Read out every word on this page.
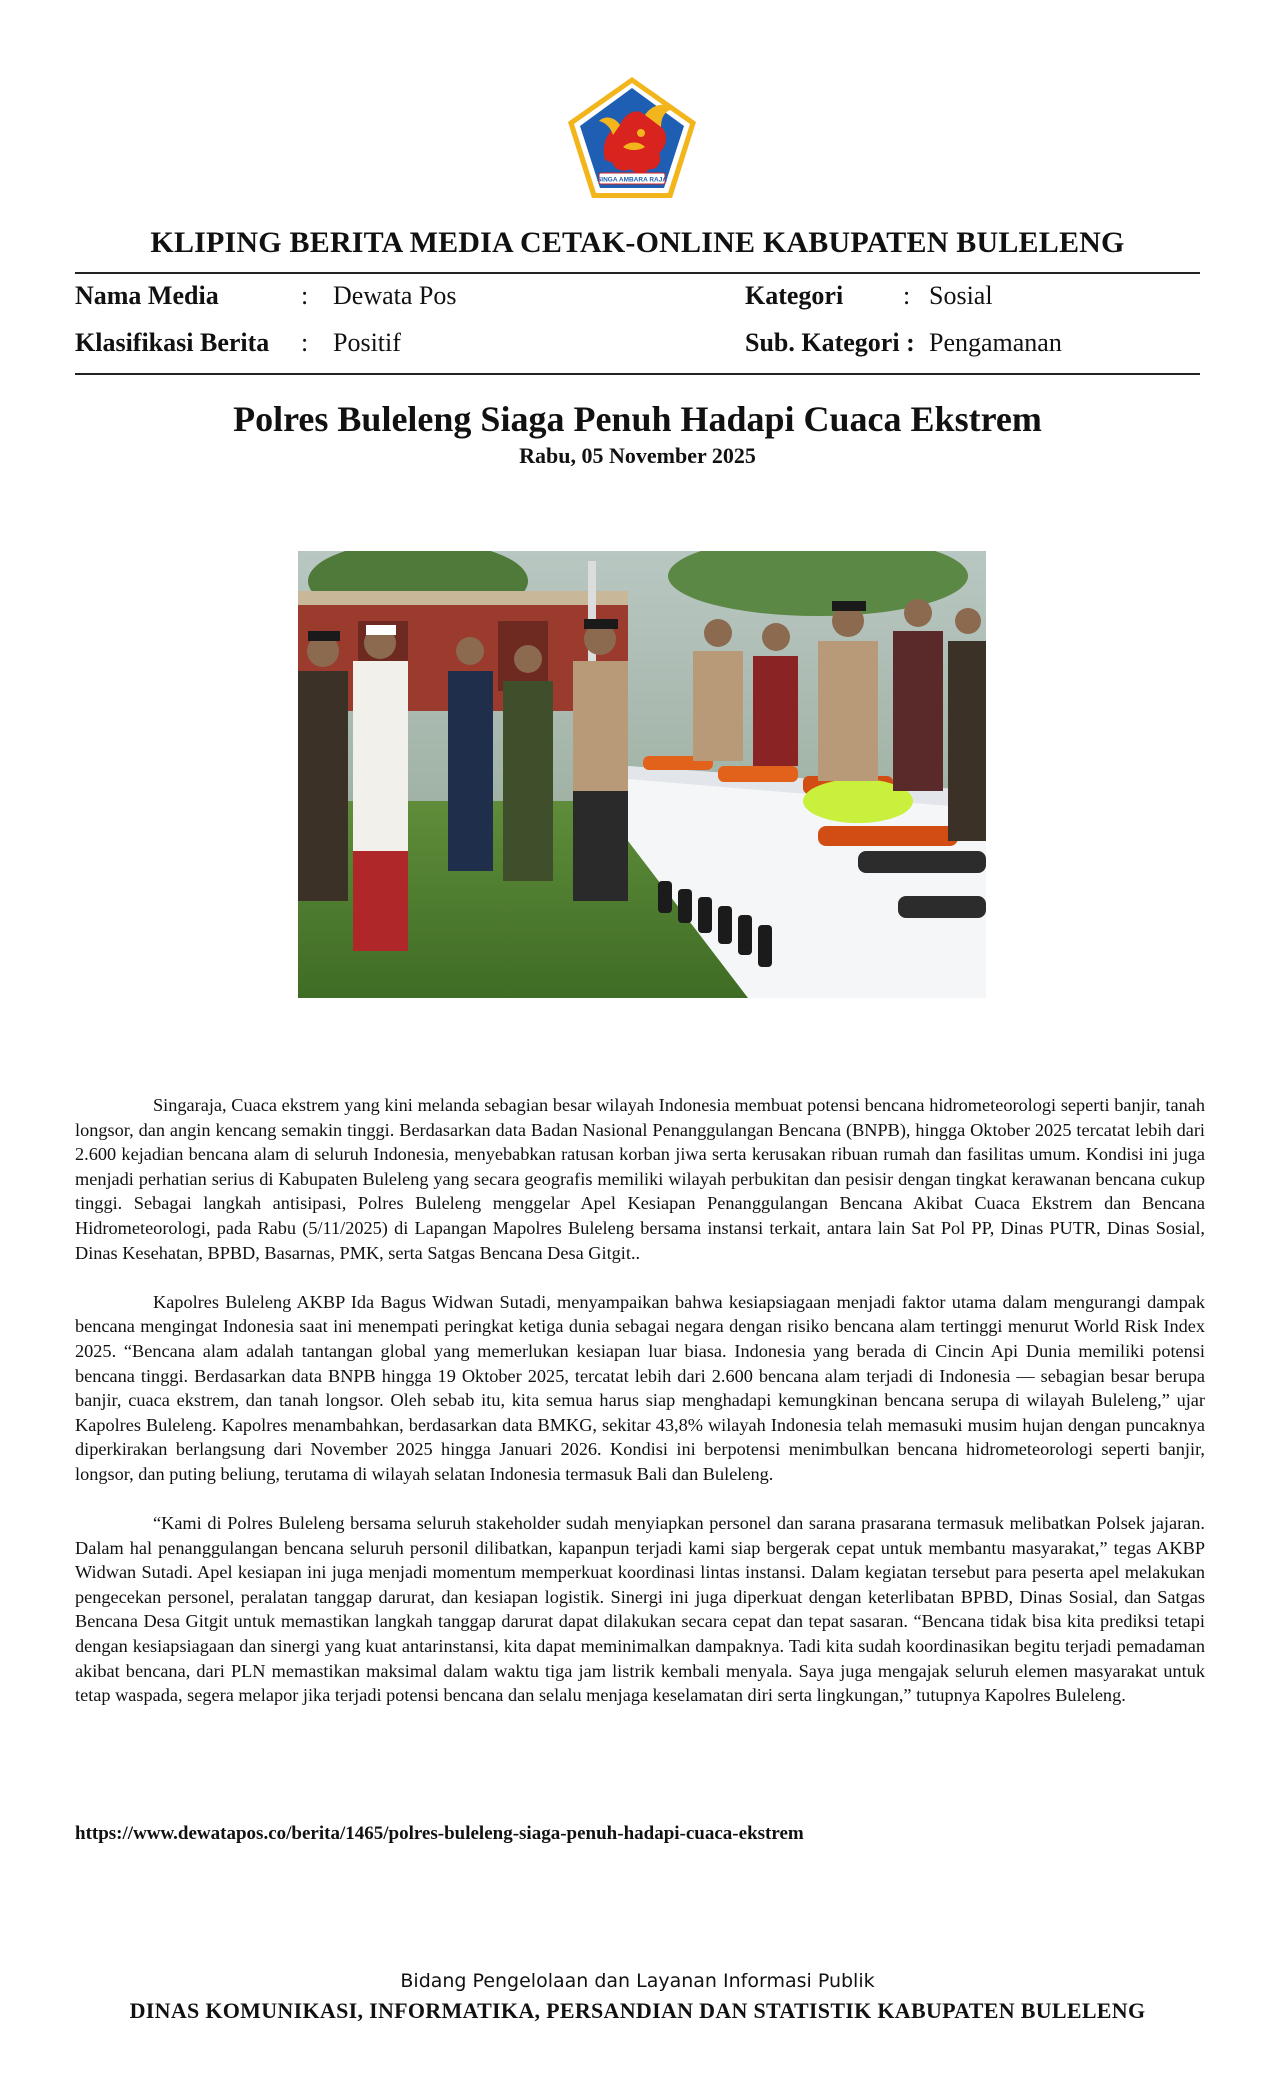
SINGA AMBARA RAJA
KLIPING BERITA MEDIA CETAK-ONLINE KABUPATEN BULELENG
Nama Media	: Dewata Pos	Kategori : Sosial
Klasifikasi Berita : Positif	Sub. Kategori : Pengamanan
Polres Buleleng Siaga Penuh Hadapi Cuaca Ekstrem
Rabu, 05 November 2025

Singaraja, Cuaca ekstrem yang kini melanda sebagian besar wilayah Indonesia membuat potensi bencana hidrometeorologi seperti banjir, tanah longsor, dan angin kencang semakin tinggi. Berdasarkan data Badan Nasional Penanggulangan Bencana (BNPB), hingga Oktober 2025 tercatat lebih dari 2.600 kejadian bencana alam di seluruh Indonesia, menyebabkan ratusan korban jiwa serta kerusakan ribuan rumah dan fasilitas umum. Kondisi ini juga menjadi perhatian serius di Kabupaten Buleleng yang secara geografis memiliki wilayah perbukitan dan pesisir dengan tingkat kerawanan bencana cukup tinggi. Sebagai langkah antisipasi, Polres Buleleng menggelar Apel Kesiapan Penanggulangan Bencana Akibat Cuaca Ekstrem dan Bencana Hidrometeorologi, pada Rabu (5/11/2025) di Lapangan Mapolres Buleleng bersama instansi terkait, antara lain Sat Pol PP, Dinas PUTR, Dinas Sosial, Dinas Kesehatan, BPBD, Basarnas, PMK, serta Satgas Bencana Desa Gitgit..

Kapolres Buleleng AKBP Ida Bagus Widwan Sutadi, menyampaikan bahwa kesiapsiagaan menjadi faktor utama dalam mengurangi dampak bencana mengingat Indonesia saat ini menempati peringkat ketiga dunia sebagai negara dengan risiko bencana alam tertinggi menurut World Risk Index 2025. “Bencana alam adalah tantangan global yang memerlukan kesiapan luar biasa. Indonesia yang berada di Cincin Api Dunia memiliki potensi bencana tinggi. Berdasarkan data BNPB hingga 19 Oktober 2025, tercatat lebih dari 2.600 bencana alam terjadi di Indonesia — sebagian besar berupa banjir, cuaca ekstrem, dan tanah longsor. Oleh sebab itu, kita semua harus siap menghadapi kemungkinan bencana serupa di wilayah Buleleng,” ujar Kapolres Buleleng. Kapolres menambahkan, berdasarkan data BMKG, sekitar 43,8% wilayah Indonesia telah memasuki musim hujan dengan puncaknya diperkirakan berlangsung dari November 2025 hingga Januari 2026. Kondisi ini berpotensi menimbulkan bencana hidrometeorologi seperti banjir, longsor, dan puting beliung, terutama di wilayah selatan Indonesia termasuk Bali dan Buleleng.

“Kami di Polres Buleleng bersama seluruh stakeholder sudah menyiapkan personel dan sarana prasarana termasuk melibatkan Polsek jajaran. Dalam hal penanggulangan bencana seluruh personil dilibatkan, kapanpun terjadi kami siap bergerak cepat untuk membantu masyarakat,” tegas AKBP Widwan Sutadi. Apel kesiapan ini juga menjadi momentum memperkuat koordinasi lintas instansi. Dalam kegiatan tersebut para peserta apel melakukan pengecekan personel, peralatan tanggap darurat, dan kesiapan logistik. Sinergi ini juga diperkuat dengan keterlibatan BPBD, Dinas Sosial, dan Satgas Bencana Desa Gitgit untuk memastikan langkah tanggap darurat dapat dilakukan secara cepat dan tepat sasaran. “Bencana tidak bisa kita prediksi tetapi dengan kesiapsiagaan dan sinergi yang kuat antarinstansi, kita dapat meminimalkan dampaknya. Tadi kita sudah koordinasikan begitu terjadi pemadaman akibat bencana, dari PLN memastikan maksimal dalam waktu tiga jam listrik kembali menyala. Saya juga mengajak seluruh elemen masyarakat untuk tetap waspada, segera melapor jika terjadi potensi bencana dan selalu menjaga keselamatan diri serta lingkungan,” tutupnya Kapolres Buleleng.

https://www.dewatapos.co/berita/1465/polres-buleleng-siaga-penuh-hadapi-cuaca-ekstrem
Bidang Pengelolaan dan Layanan Informasi Publik
DINAS KOMUNIKASI, INFORMATIKA, PERSANDIAN DAN STATISTIK KABUPATEN BULELENG
